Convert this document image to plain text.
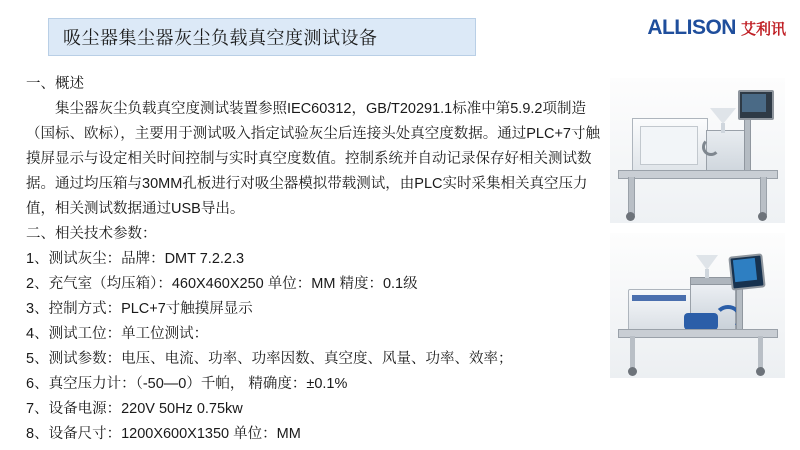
吸尘器集尘器灰尘负载真空度测试设备	ALLISON 艾利讯

一、概述

集尘器灰尘负载真空度测试装置参照IEC60312，GB/T20291.1标准中第5.9.2项制造（国标、欧标），主要用于测试吸入指定试验灰尘后连接头处真空度数据。通过PLC+7寸触摸屏显示与设定相关时间控制与实时真空度数值。控制系统并自动记录保存好相关测试数据。通过均压箱与30MM孔板进行对吸尘器模拟带载测试，由PLC实时采集相关真空压力值，相关测试数据通过USB导出。

二、相关技术参数：

1、测试灰尘：品牌：DMT 7.2.2.3
2、充气室（均压箱）：460X460X250 单位：MM 精度：0.1级
3、控制方式：PLC+7寸触摸屏显示
4、测试工位：单工位测试：
5、测试参数：电压、电流、功率、功率因数、真空度、风量、功率、效率；
6、真空压力计：（-50—0）千帕， 精确度：±0.1%
7、设备电源：220V 50Hz 0.75kw
8、设备尺寸：1200X600X1350 单位：MM
